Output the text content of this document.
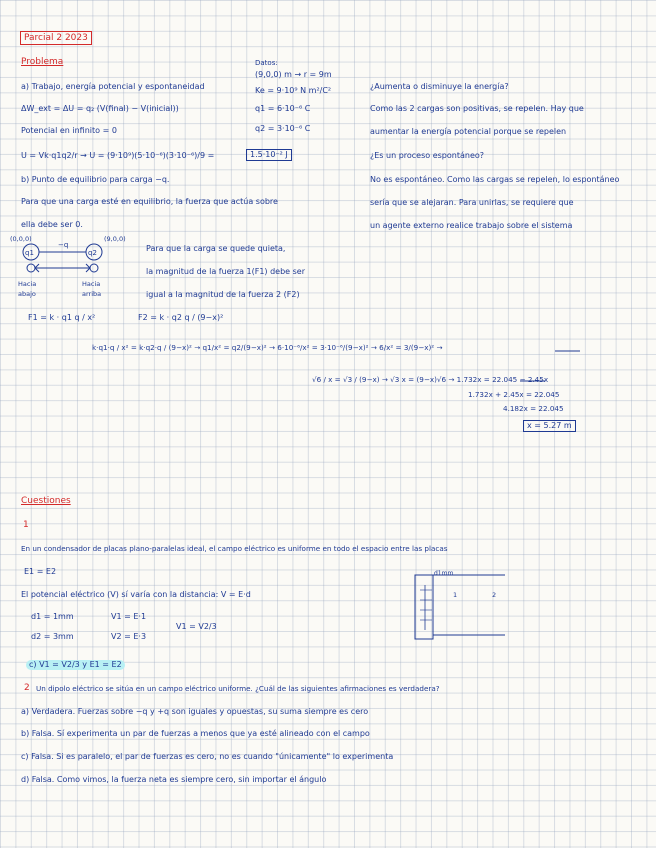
Parcial 2 2023
Problema
a) Trabajo, energía potencial y espontaneidad
ΔW_ext = ΔU = q₂ (V(final) − V(inicial))
Potencial en infinito = 0
U = Vk·q1q2/r → U = (9·10⁹)(5·10⁻⁶)(3·10⁻⁶)/9 =	1.5·10⁻² J
b) Punto de equilibrio para carga −q.
Para que una carga esté en equilibrio, la fuerza que actúa sobre
ella debe ser 0.
Datos:
(9,0,0) m → r = 9m
Ke = 9·10⁹ N m²/C²
q1 = 6·10⁻⁶ C
q2 = 3·10⁻⁶ C
¿Aumenta o disminuye la energía?
Como las 2 cargas son positivas, se repelen. Hay que
aumentar la energía potencial porque se repelen
¿Es un proceso espontáneo?
No es espontáneo. Como las cargas se repelen, lo espontáneo
sería que se alejaran. Para unirlas, se requiere que
un agente externo realice trabajo sobre el sistema
(0,0,0)	(9,0,0)
q1	q2
−q
Hacia
abajo
Hacia
arriba
Para que la carga se quede quieta,
la magnitud de la fuerza 1(F1) debe ser
igual a la magnitud de la fuerza 2 (F2)
F1 = k · q1 q / x²	F2 = k · q2 q / (9−x)²
k·q1·q / x² = k·q2·q / (9−x)² → q1/x² = q2/(9−x)² → 6·10⁻⁶/x² = 3·10⁻⁶/(9−x)² → 6/x² = 3/(9−x)² →
√6 / x = √3 / (9−x) → √3 x = (9−x)√6 → 1.732x = 22.045 − 2.45x
1.732x + 2.45x = 22.045
4.182x = 22.045
x = 5.27 m
Cuestiones
1
En un condensador de placas plano-paralelas ideal, el campo eléctrico es uniforme en todo el espacio entre las placas
E1 = E2
El potencial eléctrico (V) sí varía con la distancia: V = E·d
d1 = 1mm
d2 = 3mm
V1 = E·1
V2 = E·3
V1 = V2/3
c) V1 = V2/3 y E1 = E2
d1mm
1	2
2 Un dipolo eléctrico se sitúa en un campo eléctrico uniforme. ¿Cuál de las siguientes afirmaciones es verdadera?
a) Verdadera. Fuerzas sobre −q y +q son iguales y opuestas, su suma siempre es cero
b) Falsa. Sí experimenta un par de fuerzas a menos que ya esté alineado con el campo
c) Falsa. Si es paralelo, el par de fuerzas es cero, no es cuando "únicamente" lo experimenta
d) Falsa. Como vimos, la fuerza neta es siempre cero, sin importar el ángulo
